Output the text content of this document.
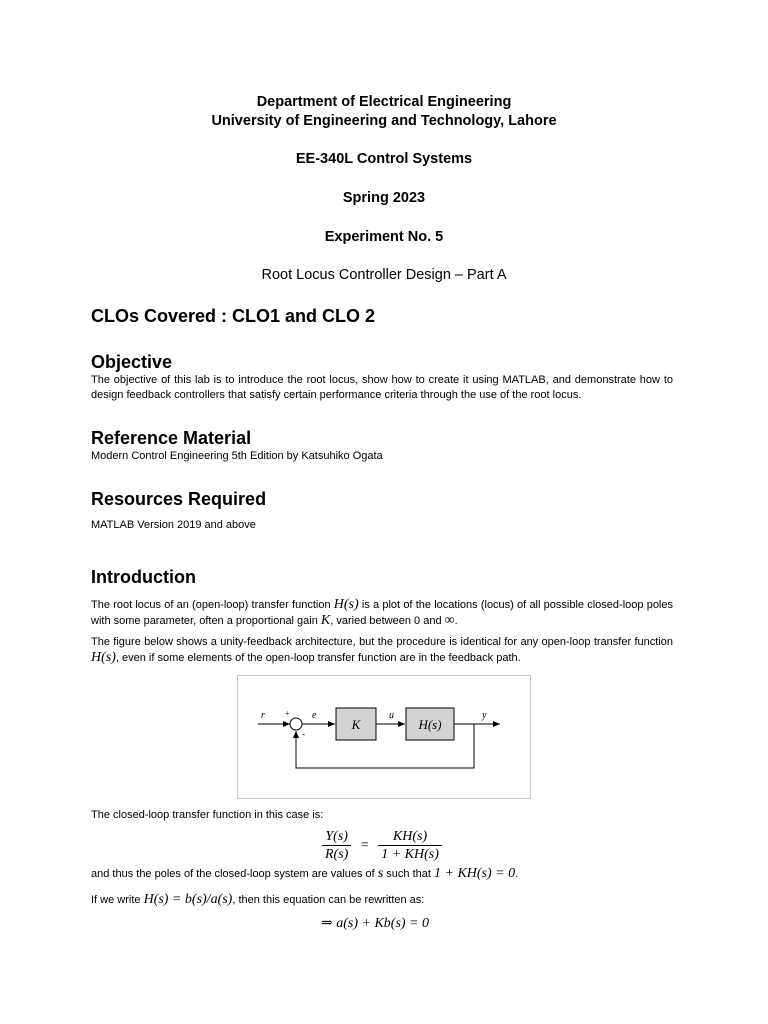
Department of Electrical Engineering
University of Engineering and Technology, Lahore
EE-340L Control Systems
Spring 2023
Experiment No. 5
Root Locus Controller Design – Part A
CLOs Covered : CLO1 and CLO 2
Objective

The objective of this lab is to introduce the root locus, show how to create it using MATLAB, and demonstrate how to design feedback controllers that satisfy certain performance criteria through the use of the root locus.

Reference Material

Modern Control Engineering 5th Edition by Katsuhiko Ogata

Resources Required

MATLAB Version 2019 and above

Introduction

The root locus of an (open-loop) transfer function H(s) is a plot of the locations (locus) of all possible closed-loop poles with some parameter, often a proportional gain K, varied between 0 and ∞.

The figure below shows a unity-feedback architecture, but the procedure is identical for any open-loop transfer function H(s), even if some elements of the open-loop transfer function are in the feedback path.

r	+ e
-
K
u
H(s)
y

The closed-loop transfer function in this case is:

$\frac{Y(s)}{R(s)} = \frac{KH(s)}{1 + KH(s)}$

and thus the poles of the closed-loop system are values of s such that 1 + KH(s) = 0.

If we write H(s) = b(s)/a(s), then this equation can be rewritten as:

⇒ a(s) + Kb(s) = 0
